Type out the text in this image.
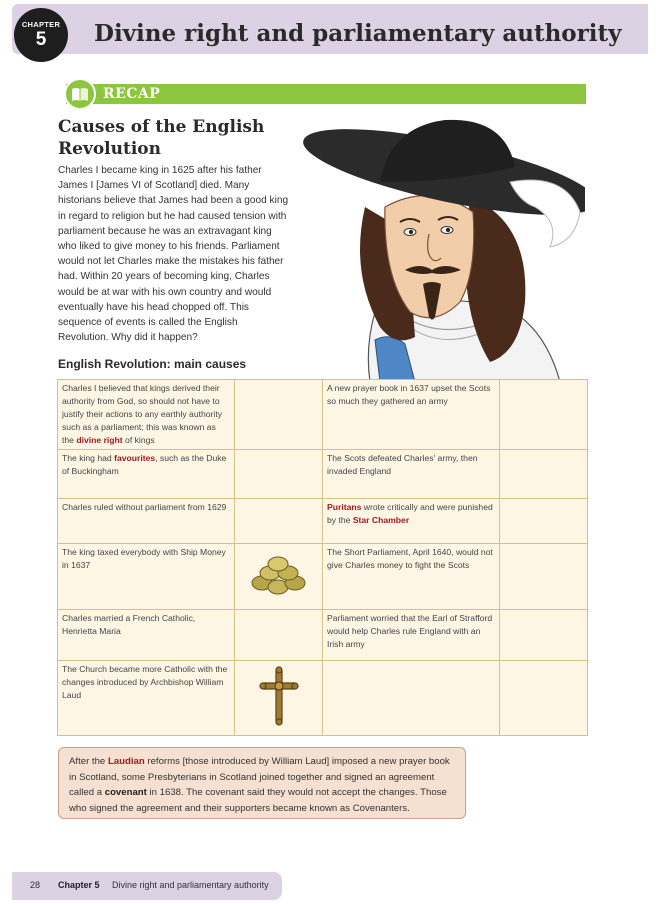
CHAPTER
5	Divine right and parliamentary authority
RECAP
Causes of the English Revolution
Charles I became king in 1625 after his father James I [James VI of Scotland] died. Many historians believe that James had been a good king in regard to religion but he had caused tension with parliament because he was an extravagant king who liked to give money to his friends. Parliament would not let Charles make the mistakes his father had. Within 20 years of becoming king, Charles would be at war with his own country and would eventually have his head chopped off. This sequence of events is called the English Revolution. Why did it happen?
English Revolution: main causes
Charles I believed that kings derived their authority from God, so should not have to justify their actions to any earthly authority such as a parliament; this was known as the divine right of kings		A new prayer book in 1637 upset the Scots so much they gathered an army	
The king had favourites, such as the Duke of Buckingham		The Scots defeated Charles' army, then invaded England	
Charles ruled without parliament from 1629		Puritans wrote critically and were punished by the Star Chamber	
The king taxed everybody with Ship Money in 1637		The Short Parliament, April 1640, would not give Charles money to fight the Scots	
Charles married a French Catholic, Henrietta Maria		Parliament worried that the Earl of Strafford would help Charles rule England with an Irish army	
The Church became more Catholic with the changes introduced by Archbishop William Laud			
After the Laudian reforms [those introduced by William Laud] imposed a new prayer book in Scotland, some Presbyterians in Scotland joined together and signed an agreement called a covenant in 1638. The covenant said they would not accept the changes. Those who signed the agreement and their supporters became known as Covenanters.
28 Chapter 5 Divine right and parliamentary authority
